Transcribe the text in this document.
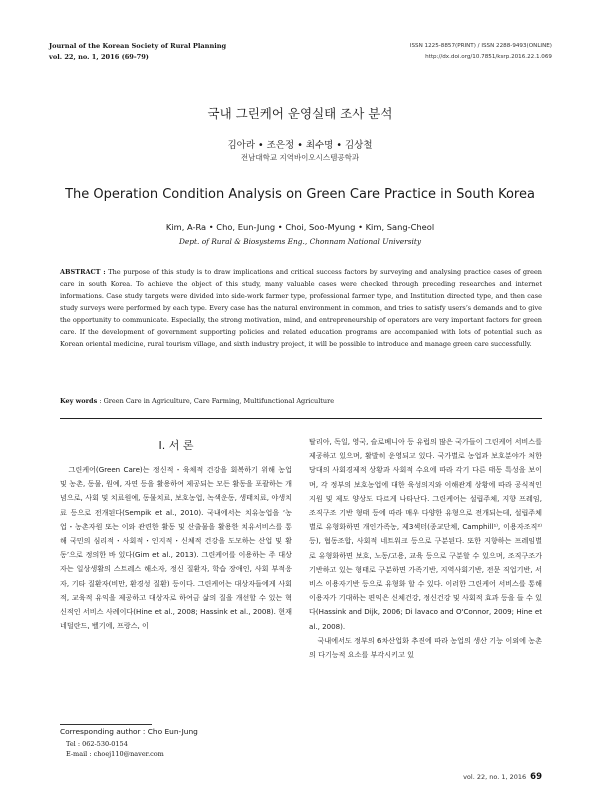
Journal of the Korean Society of Rural Planning
vol. 22, no. 1, 2016 (69-79)
ISSN 1225-8857(PRINT) / ISSN 2288-9493(ONLINE)
http://dx.doi.org/10.7851/ksrp.2016.22.1.069
국내 그린케어 운영실태 조사 분석
김아라 • 조은정 • 최수명 • 김상철
전남대학교 지역바이오시스템공학과
The Operation Condition Analysis on Green Care Practice in South Korea
Kim, A-Ra • Cho, Eun-Jung • Choi, Soo-Myung • Kim, Sang-Cheol
Dept. of Rural & Biosystems Eng., Chonnam National University
ABSTRACT : The purpose of this study is to draw implications and critical success factors by surveying and analysing practice cases of green care in south Korea. To achieve the object of this study, many valuable cases were checked through preceding researches and internet informations. Case study targets were divided into side-work farmer type, professional farmer type, and Institution directed type, and then case study surveys were performed by each type. Every case has the natural environment in common, and tries to satisfy users’s demands and to give the opportunity to communicate. Especially, the strong motivation, mind, and entrepreneurship of operators are very important factors for green care. If the development of government supporting policies and related education programs are accompanied with lots of potential such as Korean oriental medicine, rural tourism village, and sixth industry project, it will be possible to introduce and manage green care successfully.
Key words : Green Care in Agriculture, Care Farming, Multifunctional Agriculture
Ⅰ. 서 론

그린케어(Green Care)는 정신적・육체적 건강을 회복하기 위해 농업 및 농촌, 동물, 원예, 자연 등을 활용하여 제공되는 모든 활동을 포괄하는 개념으로, 사회 및 치료원예, 동물치료, 보호농업, 녹색운동, 생태치료, 야생치료 등으로 전개된다(Sempik et al., 2010). 국내에서는 치유농업을 ‘농업・농촌자원 또는 이와 관련한 활동 및 산출물을 활용한 치유서비스를 통해 국민의 심리적・사회적・인지적・신체적 건강을 도모하는 산업 및 활동’으로 정의한 바 있다(Gim et al., 2013). 그린케어를 이용하는 주 대상자는 일상생활의 스트레스 해소자, 정신 질환자, 학습 장애인, 사회 부적응자, 기타 질환자(비만, 환경성 질환) 등이다. 그린케어는 대상자들에게 사회적, 교육적 유익을 제공하고 대상자로 하여금 삶의 질을 개선할 수 있는 혁신적인 서비스 사례이다(Hine et al., 2008; Hassink et al., 2008). 현재 네덜란드, 벨기에, 프랑스, 이

탈리아, 독일, 영국, 슬로베니아 등 유럽의 많은 국가들이 그린케어 서비스를 제공하고 있으며, 활발히 운영되고 있다. 국가별로 농업과 보호분야가 처한 당대의 사회경제적 상황과 사회적 수요에 따라 각기 다른 태동 특성을 보이며, 각 정부의 보호농업에 대한 육성의지와 이해관계 상황에 따라 공식적인 지원 및 제도 양상도 다르게 나타난다. 그린케어는 설립주체, 지향 프레임, 조직구조 기반 형태 등에 따라 매우 다양한 유형으로 전개되는데, 설립주체별로 유형화하면 개인가족농, 제3섹터(종교단체, Camphill¹⁾, 이용자조직²⁾등), 협동조합, 사회적 네트워크 등으로 구분된다. 또한 지향하는 프레임별로 유형화하면 보호, 노동/고용, 교육 등으로 구분할 수 있으며, 조직구조가 기반하고 있는 형태로 구분하면 가족기반, 지역사회기반, 전문 직업기반, 서비스 이용자기반 등으로 유형화 할 수 있다. 이러한 그린케어 서비스를 통해 이용자가 기대하는 편익은 신체건강, 정신건강 및 사회적 효과 등을 들 수 있다(Hassink and Dijk, 2006; Di lavaco and O'Connor, 2009; Hine et al., 2008).

국내에서도 정부의 6차산업화 추진에 따라 농업의 생산 기능 이외에 농촌의 다기능적 요소를 부각시키고 있

Corresponding author : Cho Eun-Jung
Tel : 062-530-0154
E-mail : choej110@naver.com
vol. 22, no. 1, 2016 69
